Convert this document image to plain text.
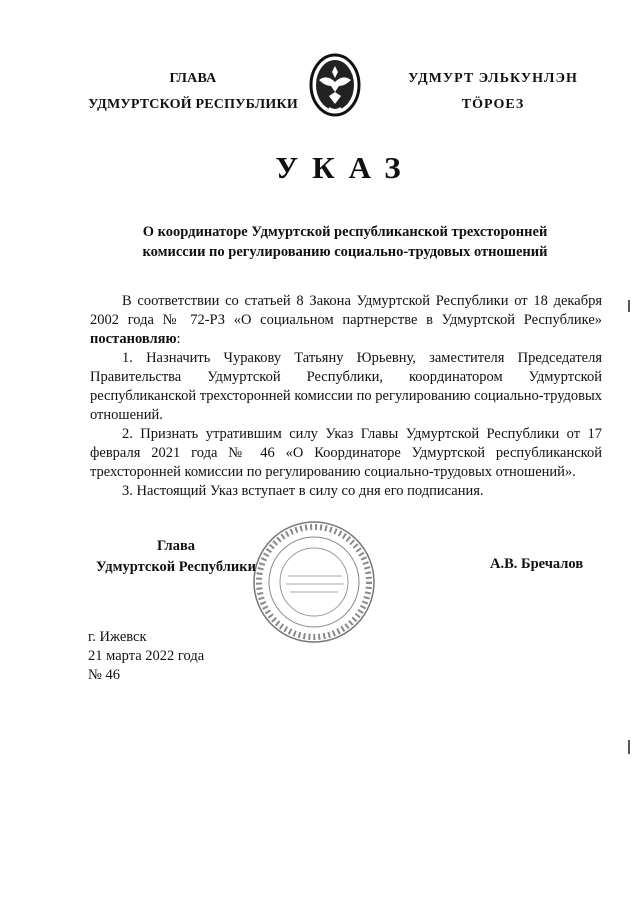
ГЛАВА
УДМУРТСКОЙ РЕСПУБЛИКИ
УДМУРТ ЭЛЬКУНЛЭН
ТӦРОЕЗ
УКАЗ
О координаторе Удмуртской республиканской трехсторонней
комиссии по регулированию социально-трудовых отношений

В соответствии со статьей 8 Закона Удмуртской Республики от 18 декабря 2002 года № 72-РЗ «О социальном партнерстве в Удмуртской Республике» постановляю:

1. Назначить Чуракову Татьяну Юрьевну, заместителя Председателя Правительства Удмуртской Республики, координатором Удмуртской республиканской трехсторонней комиссии по регулированию социально-трудовых отношений.

2. Признать утратившим силу Указ Главы Удмуртской Республики от 17 февраля 2021 года № 46 «О Координаторе Удмуртской республиканской трехсторонней комиссии по регулированию социально-трудовых отношений».

3. Настоящий Указ вступает в силу со дня его подписания.

Глава
Удмуртской Республики	А.В. Бречалов
г. Ижевск
21 марта 2022 года
№ 46
